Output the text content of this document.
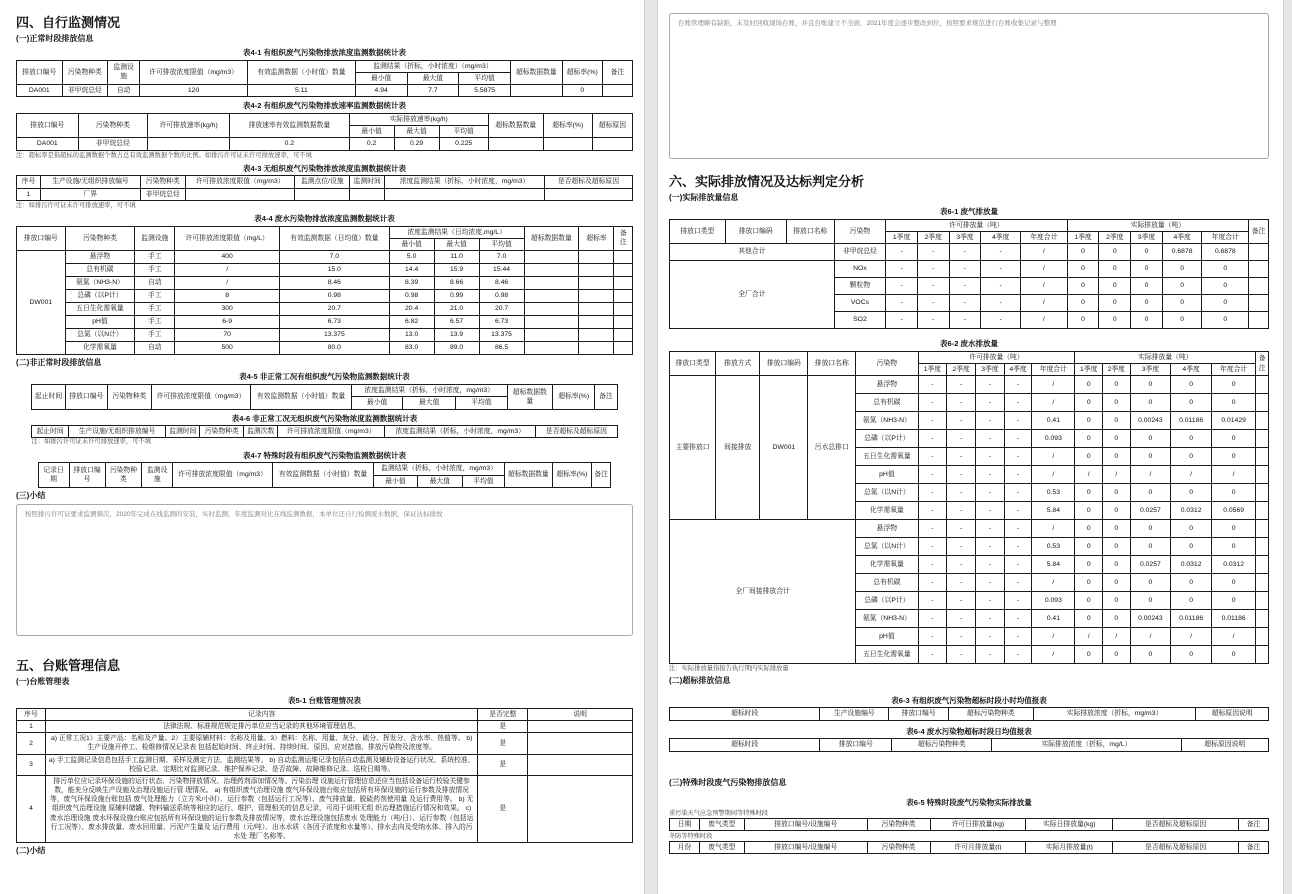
四、自行监测情况
(一)正常时段排放信息
表4-1 有组织废气污染物排放浓度监测数据统计表
排放口编号	污染物种类	监测设施	许可排放浓度限值（mg/m3）	有效监测数据（小时值）数量	监测结果（折标，小时浓度）（mg/m3）			超标数据数量	超标率(%)	备注
					最小值	最大值	平均值			
DA001	非甲烷总烃	自动	120	5.11	4.94	7.7	5.5875		0	
表4-2 有组织废气污染物排放速率监测数据统计表
排放口编号	污染物种类	许可排放速率(kg/h)	排放速率有效监测数据数量	实际排放速率(kg/h)			超标数据数量	超标率(%)	超标原因
				最小值	最大值	平均值			
DA001	非甲烷总烃		0.2	0.2	0.29	0.225			
注：超标率是指超标的监测数据个数占总有效监测数据个数的比例。如排污许可证未许可排放速率，可不填
表4-3 无组织废气污染物排放浓度监测数据统计表
序号	生产设施/无组织排放编号	污染物种类	许可排放浓度限值（mg/m3）	监测点位/设施	监测时间	浓度监测结果（折标，小时浓度，mg/m3）	是否超标及超标原因
1	厂界	非甲烷总烃					
注：如排污许可证未许可排放速率，可不填
表4-4 废水污染物排放浓度监测数据统计表
排放口编号	污染物种类	监测设施	许可排放浓度限值（mg/L）	有效监测数据（日均值）数量	浓度监测结果（日均浓度,mg/L）			超标数据数量	超标率	备注
					最小值	最大值	平均值			
DW001	悬浮物	手工	400	7.0	5.0	11.0	7.0			
	总有机碳	手工	/	15.0	14.4	15.9	15.44			
	氨氮（NH3-N）	自动	/	8.46	8.39	8.66	8.46			
	总磷（以P计）	手工	8	0.98	0.98	0.99	0.98			
	五日生化需氧量	手工	300	20.7	20.4	21.0	20.7			
	pH值	手工	6-9	6.73	6.82	6.57	6.73			
	总氮（以N计）	手工	70	13.375	13.0	13.9	13.375			
	化学需氧量	自动	500	80.0	83.0	89.0	86.5			
(二)非正常时段排放信息
表4-5 非正常工况有组织废气污染物监测数据统计表
起止时间	排放口编号	污染物种类	许可排放浓度限值（mg/m3）	有效监测数据（小时值）数量	浓度监测结果（折标，小时浓度，mg/m3）			超标数据数量	超标率(%)	备注
					最小值	最大值	平均值			
表4-6 非正常工况无组织废气污染物浓度监测数据统计表
起止时间	生产设施/无组织排放编号	监测时间	污染物种类	监测次数	许可排放浓度限值（mg/m3）	浓度监测结果（折标，小时浓度，mg/m3）	是否超标及超标原因
注：如排污许可证未许可排放速率，可不填
表4-7 特殊时段有组织废气污染物监测数据统计表
记录日期	排放口编号	污染物种类	监测设施	许可排放浓度限值（mg/m3）	有效监测数据（小时值）数量	监测结果（折标，小时浓度，mg/m3）			超标数据数量	超标率(%)	备注
						最小值	最大值	平均值			
(三)小结
按照排污许可证要求监测频次，2020年完成在线监测的安装，实时监测，年度监测对比在线监测数据，本单位还自行检测废水数据，保证达标排放
五、台账管理信息
(一)台账管理表
表5-1 台账管理情况表
序号	记录内容	是否完整	说明
1	法律法规、标准规范规定排污单位应当记录的其他环境管理信息。	是	
2	a) 正常工况1）主要产品：名称及产量。2）主要原辅材料：名称及用量。3）燃料：名称、用量、灰分、硫分、挥发分、含水率、热值等。 b) 生产设施开停工、检维修情况记录表 包括起始时间、终止时间、持续时间、原因、应对措施、排放污染物及浓度等。	是	
3	a) 手工监测记录信息包括手工监测日期、采样及测定方法、监测结果等。 b) 自动监测运维记录包括自动监测及辅助设备运行状况、系统校准、校验记录、定期比对监测记录、维护保养记录、是否故障、故障维修记录、巡检日期等。	是	
4	排污单位应记录环保设施的运行状态、污染物排放情况、治理药剂添加情况等。污染治理 设施运行管理信息还应当包括设备运行校验关键参数，能充分反映生产设施及治理设施运行管 理情况。 a) 有组织废气治理设施 废气环保设施台账应包括所有环保设施的运行参数及排放情况等，废气环保设施台账包括 废气处理能力（立方米/小时）、运行参数（包括运行工况等）、废气排放量、脱硫药剂使用量 及运行费用等。 b) 无组织废气治理设施 原辅料储罐、物料输送系统等相应的运行、维护、管理相关的信息记录，可用于说明无组 织治理措施运行情况和效果。 c) 废水治理设施 废水环保设施台账应包括所有环保设施的运行参数及排放情况等，废水治理设施包括废水 处理能力（吨/日）、运行参数（包括运行工况等）、废水排放量、废水回用量、污泥产生量及 运行费用（元/吨）、出水水质（各因子浓度和水量等）、排水去向及受纳水体、排入的污水处 理厂名称等。	是	
(二)小结
台账管理略有缺陷，未及时回收现场台账，并且台账建立不全面，2021年度会逐步整改到位，按照要求规范进行台账收集记录与整理
六、实际排放情况及达标判定分析
(一)实际排放量信息
表6-1 废气排放量
排放口类型	排放口编码	排放口名称	污染物	许可排放量（吨）					实际排放量（吨）					备注
				1季度	2季度	3季度	4季度	年度合计	1季度	2季度	3季度	4季度	年度合计	
其他合计			非甲烷总烃	-	-	-	-	/	0	0	0	0.6878	0.6878	
全厂合计			NOx	-	-	-	-	/	0	0	0	0	0	
			颗粒物	-	-	-	-	/	0	0	0	0	0	
			VOCs	-	-	-	-	/	0	0	0	0	0	
			SO2	-	-	-	-	/	0	0	0	0	0	
表6-2 废水排放量
排放口类型	排放方式	排放口编码	排放口名称	污染物	许可排放量（吨）					实际排放量（吨）					备注
					1季度	2季度	3季度	4季度	年度合计	1季度	2季度	3季度	4季度	年度合计	
主要排放口	间接排放	DW001	污水总排口	悬浮物	-	-	-	-	/	0	0	0	0	0	
				总有机碳	-	-	-	-	/	0	0	0	0	0	
				氨氮（NH3-N）	-	-	-	-	0.41	0	0	0.00243	0.01186	0.01429	
				总磷（以P计）	-	-	-	-	0.093	0	0	0	0	0	
				五日生化需氧量	-	-	-	-	/	0	0	0	0	0	
				pH值	-	-	-	-	/	/	/	/	/	/	
				总氮（以N计）	-	-	-	-	0.53	0	0	0	0	0	
				化学需氧量	-	-	-	-	5.84	0	0	0.0257	0.0312	0.0569	
全厂间接排放合计				悬浮物	-	-	-	-	/	0	0	0	0	0	
				总氮（以N计）	-	-	-	-	0.53	0	0	0	0	0	
				化学需氧量	-	-	-	-	5.84	0	0	0.0257	0.0312	0.0312	
				总有机碳	-	-	-	-	/	0	0	0	0	0	
				总磷（以P计）	-	-	-	-	0.093	0	0	0	0	0	
				氨氮（NH3-N）	-	-	-	-	0.41	0	0	0.00243	0.01186	0.01186	
				pH值	-	-	-	-	/	/	/	/	/	/	
				五日生化需氧量	-	-	-	-	/	0	0	0	0	0	
注：实际排放量指报告执行期内实际排放量
(二)超标排放信息
表6-3 有组织废气污染物超标时段小时均值报表
超标时段	生产设施编号	排放口编号	超标污染物种类	实际排放浓度（折标，mg/m3）	超标原因说明
表6-4 废水污染物超标时段日均值报表
超标时段	排放口编号	超标污染物种类	实际排放浓度（折标，mg/L）	超标原因说明
(三)特殊时段废气污染物排放信息
表6-5 特殊时段废气污染物实际排放量
重污染天气应急预警期间等特殊时段
日期	废气类型	排放口编号/设施编号	污染物种类	许可日排放量(kg)	实际日排放量(kg)	是否超标及超标原因	备注
冬防等特殊时段
月份	废气类型	排放口编号/设施编号	污染物种类	许可月排放量(t)	实际月排放量(t)	是否超标及超标原因	备注
